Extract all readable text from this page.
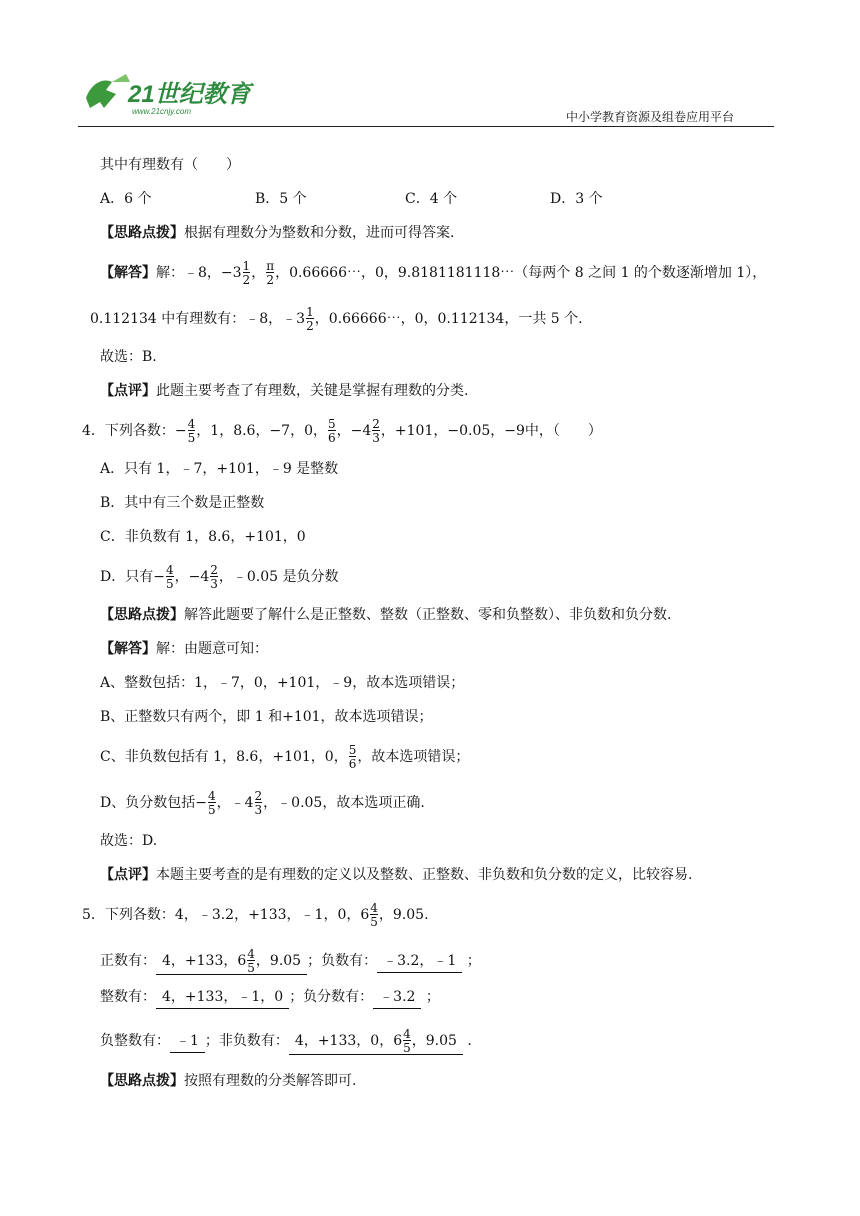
21世纪教育
www.21cnjy.com	中小学教育资源及组卷应用平台
其中有理数有（　　）
A．6 个	B．5 个	C．4 个	D．3 个
【思路点拨】根据有理数分为整数和分数，进而可得答案.
【解答】解：﹣8，$-3 \frac{1}{2}$ ， $\frac{\pi}{2}$ ，0.66666⋯，0，9.8181181118⋯（每两个 8 之间 1 的个数逐渐增加 1），
0.112134 中有理数有：﹣8，﹣3 $\frac{1}{2}$ ，0.66666⋯，0，0.112134，一共 5 个.
故选：B.
【点评】此题主要考查了有理数，关键是掌握有理数的分类.
4．下列各数：− $\frac{4}{5}$ ，1，8.6，−7，0， $\frac{5}{6}$ ，$-4 \frac{2}{3}$ ，+101，−0.05，−9中，（　　）
A．只有 1，﹣7，+101，﹣9 是整数
B．其中有三个数是正整数
C．非负数有 1，8.6，+101，0
D．只有− $\frac{4}{5}$ ，$-4 \frac{2}{3}$ ，﹣0.05 是负分数
【思路点拨】解答此题要了解什么是正整数、整数（正整数、零和负整数）、非负数和负分数.
【解答】解：由题意可知：
A、整数包括：1，﹣7，0，+101，﹣9，故本选项错误；
B、正整数只有两个，即 1 和+101，故本选项错误；
C、非负数包括有 1，8.6，+101，0， $\frac{5}{6}$ ，故本选项错误；
D、负分数包括− $\frac{4}{5}$ ，﹣4 $\frac{2}{3}$ ，﹣0.05，故本选项正确.
故选：D.
【点评】本题主要考查的是有理数的定义以及整数、正整数、非负数和负分数的定义，比较容易.
5．下列各数：4，﹣3.2，+133，﹣1，0，$6 \frac{4}{5}$ ，9.05.
正数有： 4，+133，$6 \frac{4}{5}$ ，9.05 ；负数有： ﹣3.2，﹣1 ；
整数有： 4，+133，﹣1，0 ；负分数有： ﹣3.2 ；
负整数有： ﹣1 ；非负数有： 4，+133，0，$6 \frac{4}{5}$ ，9.05 .
【思路点拨】按照有理数的分类解答即可.
